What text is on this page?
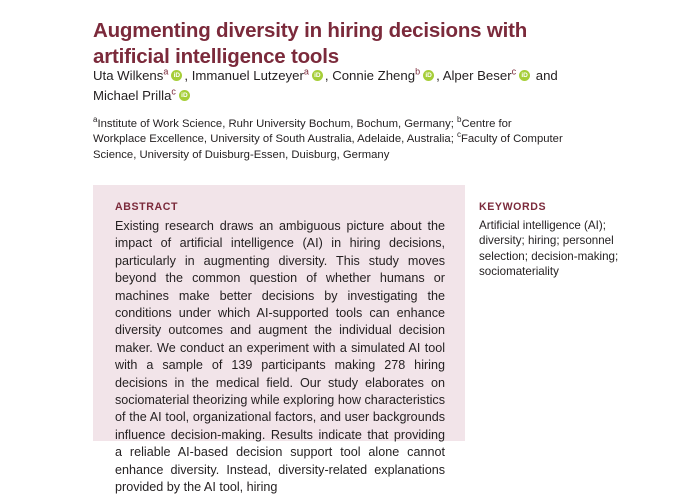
Augmenting diversity in hiring decisions with artificial intelligence tools
Uta Wilkens$^a$ iD , Immanuel Lutzeyer$^a$ iD , Connie Zheng$^b$ iD , Alper Beser$^c$iD and Michael Prilla$^c$iD
$^a$Institute of Work Science, Ruhr University Bochum, Bochum, Germany; $^b$Centre for Workplace Excellence, University of South Australia, Adelaide, Australia; $^c$Faculty of Computer Science, University of Duisburg-Essen, Duisburg, Germany
ABSTRACT
Existing research draws an ambiguous picture about the impact of artificial intelligence (AI) in hiring decisions, particularly in augmenting diversity. This study moves beyond the common question of whether humans or machines make better decisions by investigating the conditions under which AI-supported tools can enhance diversity outcomes and augment the individual decision maker. We conduct an experiment with a simulated AI tool with a sample of 139 participants making 278 hiring decisions in the medical field. Our study elaborates on sociomaterial theorizing while exploring how characteristics of the AI tool, organizational factors, and user backgrounds influence decision-making. Results indicate that providing a reliable AI-based decision support tool alone cannot enhance diversity. Instead, diversity-related explanations provided by the AI tool, hiring
KEYWORDS
Artificial intelligence (AI); diversity; hiring; personnel selection; decision-making; sociomateriality
